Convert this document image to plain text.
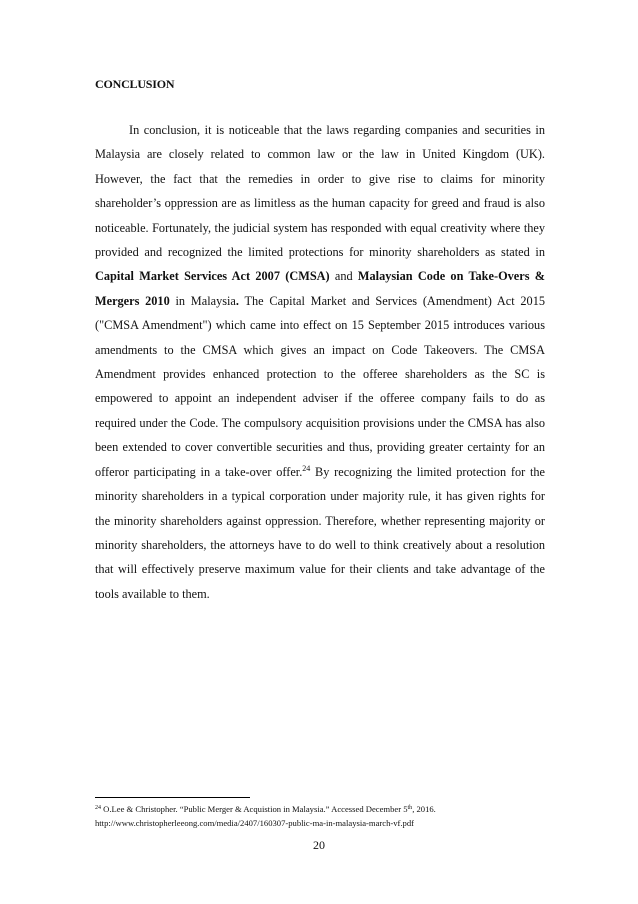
CONCLUSION

In conclusion, it is noticeable that the laws regarding companies and securities in Malaysia are closely related to common law or the law in United Kingdom (UK). However, the fact that the remedies in order to give rise to claims for minority shareholder’s oppression are as limitless as the human capacity for greed and fraud is also noticeable. Fortunately, the judicial system has responded with equal creativity where they provided and recognized the limited protections for minority shareholders as stated in Capital Market Services Act 2007 (CMSA) and Malaysian Code on Take-Overs & Mergers 2010 in Malaysia. The Capital Market and Services (Amendment) Act 2015 ("CMSA Amendment") which came into effect on 15 September 2015 introduces various amendments to the CMSA which gives an impact on Code Takeovers. The CMSA Amendment provides enhanced protection to the offeree shareholders as the SC is empowered to appoint an independent adviser if the offeree company fails to do as required under the Code. The compulsory acquisition provisions under the CMSA has also been extended to cover convertible securities and thus, providing greater certainty for an offeror participating in a take-over offer.$^{24}$ By recognizing the limited protection for the minority shareholders in a typical corporation under majority rule, it has given rights for the minority shareholders against oppression. Therefore, whether representing majority or minority shareholders, the attorneys have to do well to think creatively about a resolution that will effectively preserve maximum value for their clients and take advantage of the tools available to them.

$^{24}$ O.Lee & Christopher. “Public Merger & Acquistion in Malaysia.” Accessed December 5th, 2016.
http://www.christopherleeong.com/media/2407/160307-public-ma-in-malaysia-march-vf.pdf
20
